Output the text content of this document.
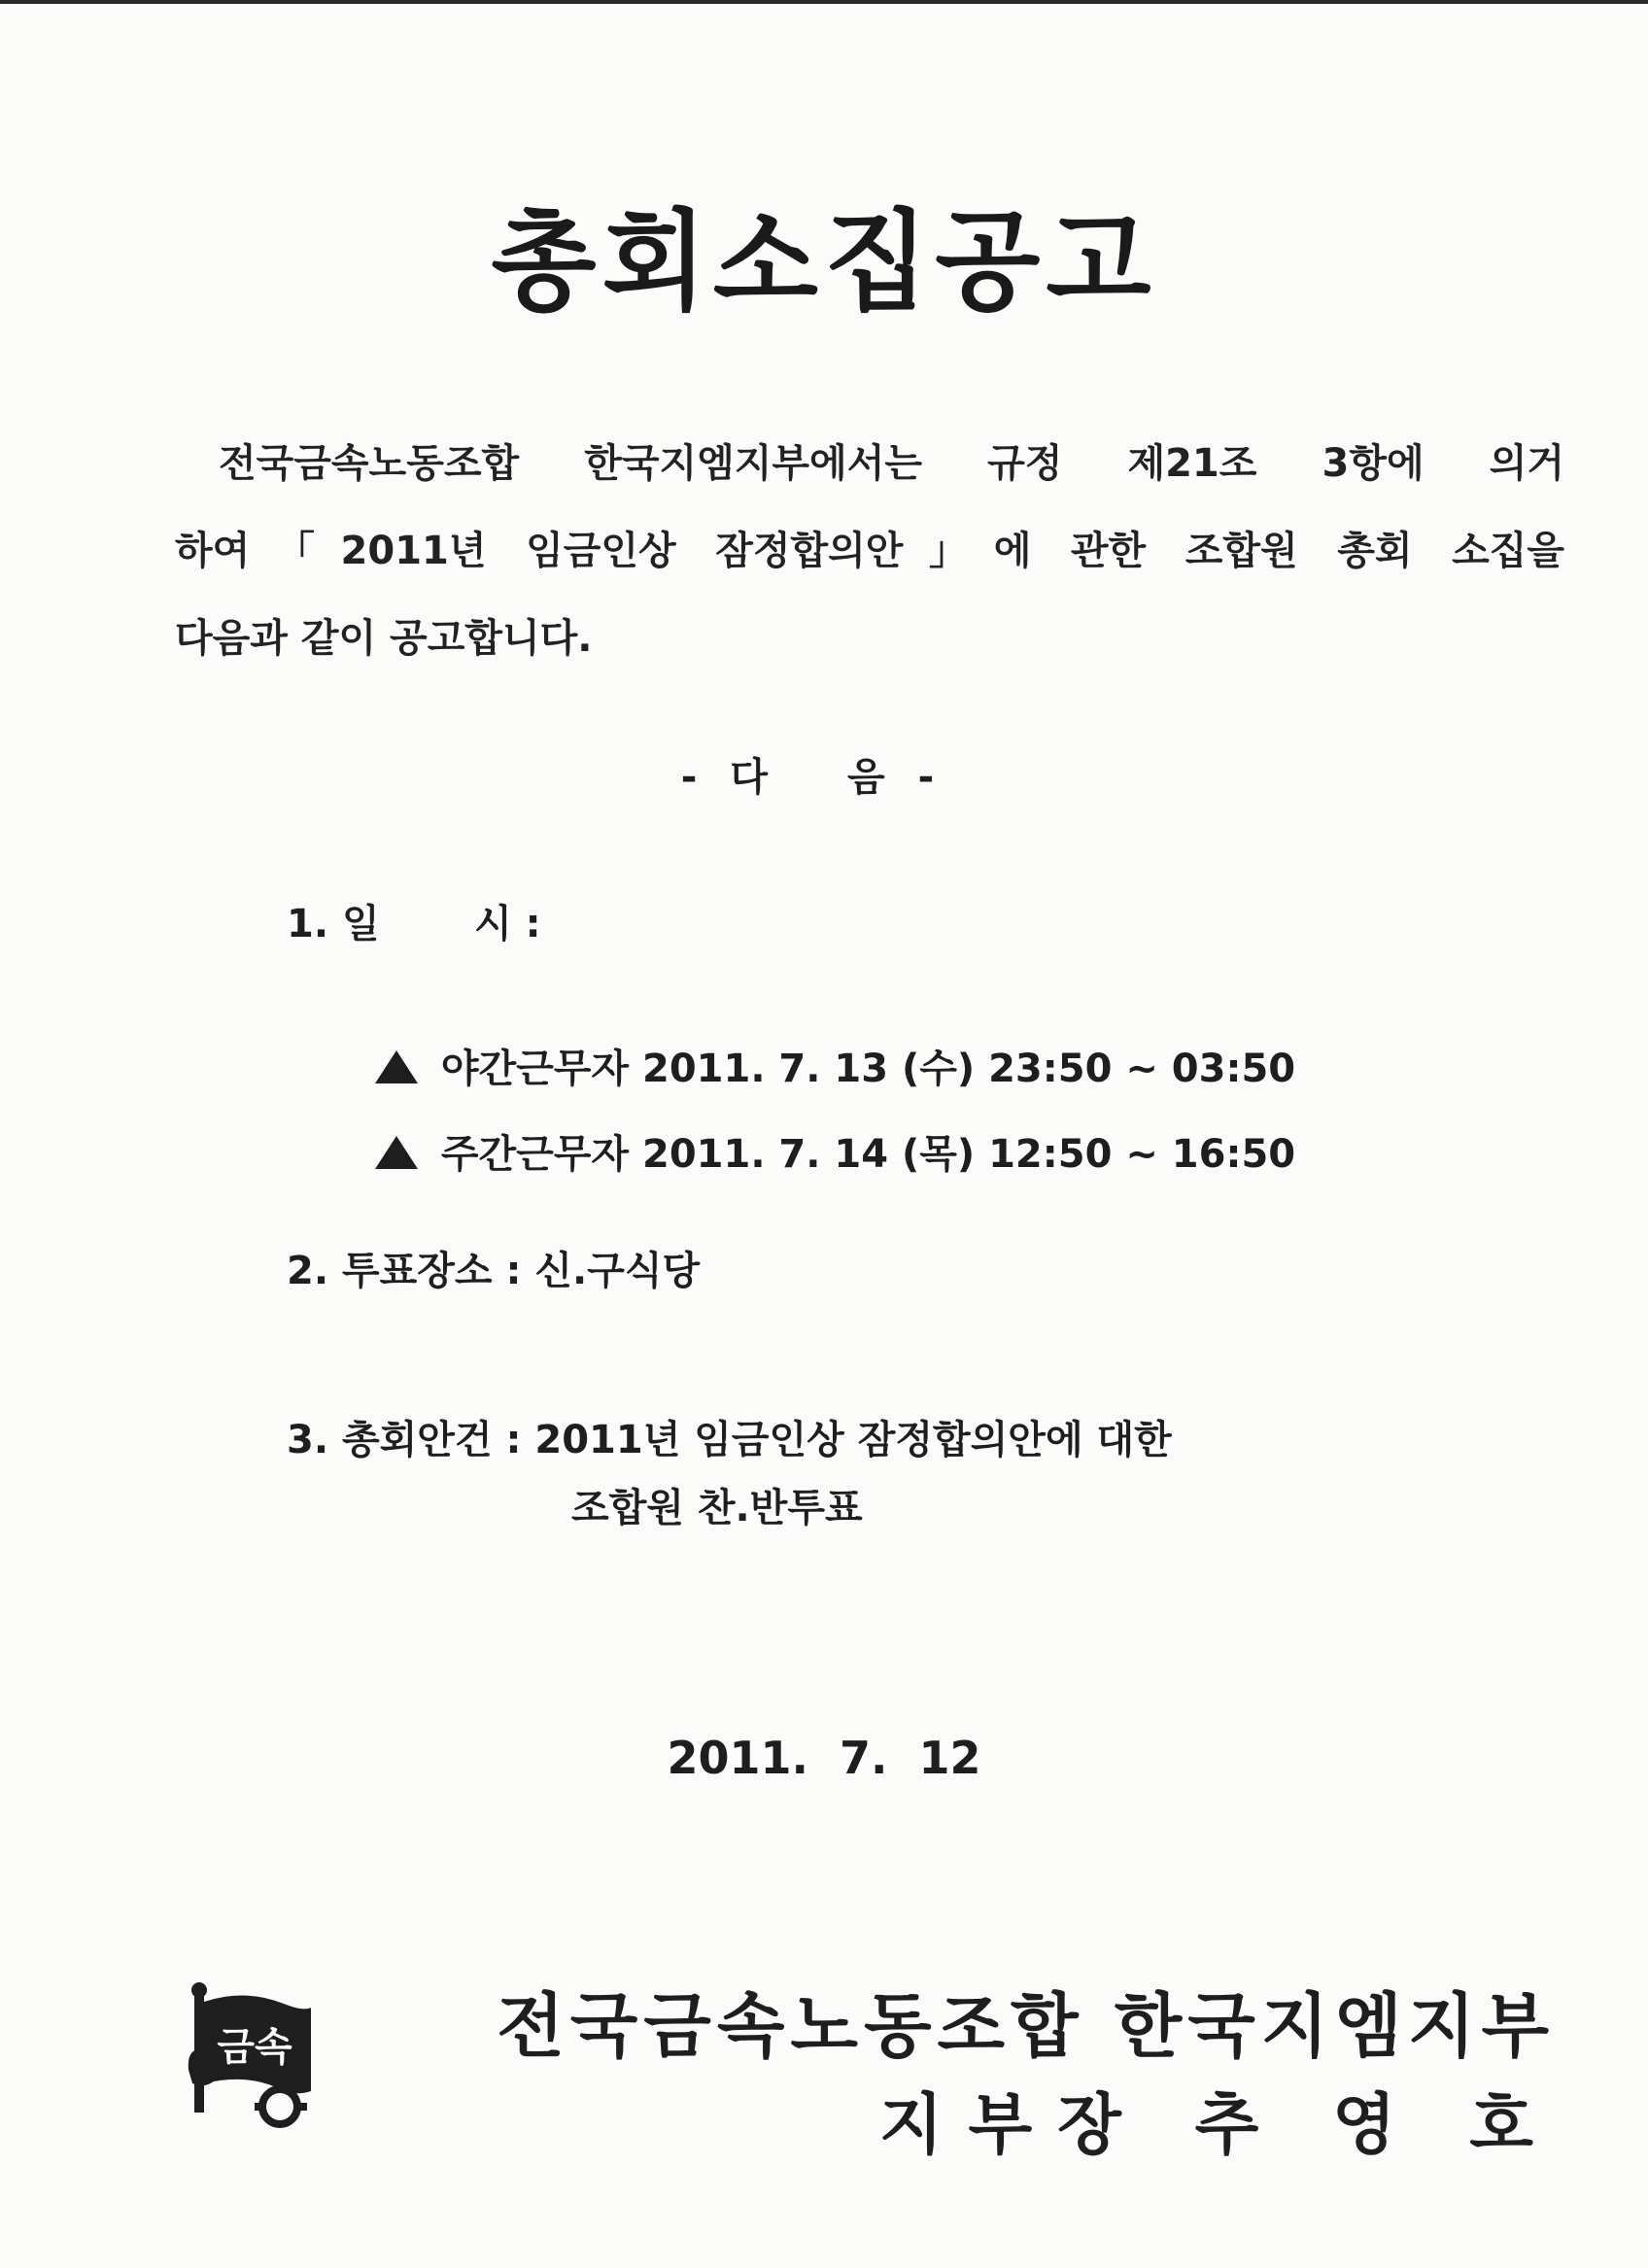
총회소집공고
전국금속노동조합 한국지엠지부에서는 규정 제21조 3항에 의거
하여「2011년 임금인상 잠정합의안」에 관한 조합원 총회 소집을
다음과 같이 공고합니다.
-다 음-
1. 일       시 :

야간근무자 2011. 7. 13 (수) 23:50 ~ 03:50

주간근무자 2011. 7. 14 (목) 12:50 ~ 16:50

2. 투표장소 : 신.구식당
3. 총회안건 : 2011년 임금인상 잠정합의안에 대한
조합원 찬.반투표
2011.  7.  12
금속	전국금속노동조합 한국지엠지부
지부장 추 영 호
